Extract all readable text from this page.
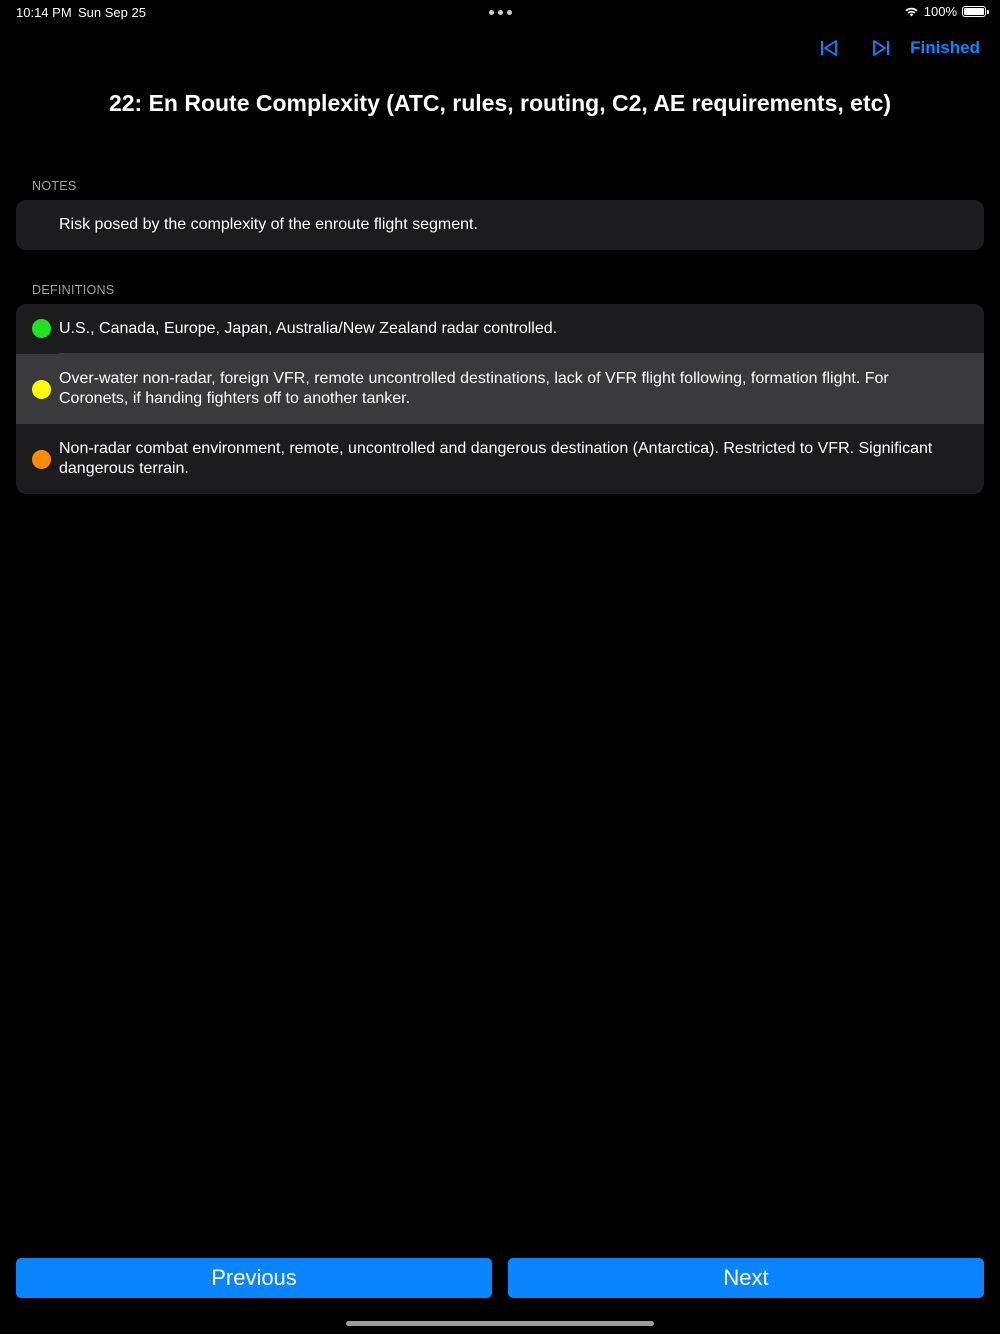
10:14 PM Sun Sep 25	100%
Finished
22: En Route Complexity (ATC, rules, routing, C2, AE requirements, etc)
NOTES
Risk posed by the complexity of the enroute flight segment.
DEFINITIONS
U.S., Canada, Europe, Japan, Australia/New Zealand radar controlled.
Over-water non-radar, foreign VFR, remote uncontrolled destinations, lack of VFR flight following, formation flight. For Coronets, if handing fighters off to another tanker.
Non-radar combat environment, remote, uncontrolled and dangerous destination (Antarctica). Restricted to VFR. Significant dangerous terrain.
Previous	Next
